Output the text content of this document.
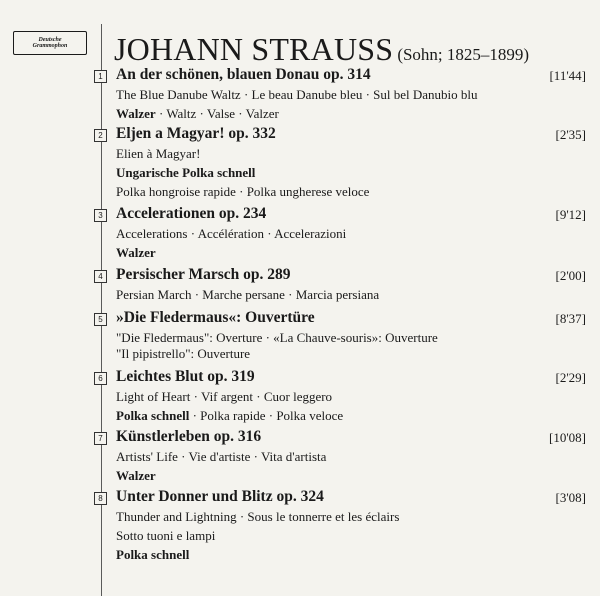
Deutsche
Grammophon JOHANN STRAUSS (Sohn; 1825–1899)
1 An der schönen, blauen Donau op. 314	[11'44]
The Blue Danube Waltz · Le beau Danube bleu · Sul bel Danubio blu
Walzer · Waltz · Valse · Valzer
2 Eljen a Magyar! op. 332	[2'35]
Elien à Magyar!
Ungarische Polka schnell
Polka hongroise rapide · Polka ungherese veloce
3 Accelerationen op. 234	[9'12]
Accelerations · Accélération · Accelerazioni
Walzer
4 Persischer Marsch op. 289	[2'00]
Persian March · Marche persane · Marcia persiana
5 »Die Fledermaus«: Ouvertüre	[8'37]
"Die Fledermaus": Overture · «La Chauve-souris»: Ouverture
"Il pipistrello": Ouverture
6 Leichtes Blut op. 319	[2'29]
Light of Heart · Vif argent · Cuor leggero
Polka schnell · Polka rapide · Polka veloce
7 Künstlerleben op. 316	[10'08]
Artists' Life · Vie d'artiste · Vita d'artista
Walzer
8 Unter Donner und Blitz op. 324	[3'08]
Thunder and Lightning · Sous le tonnerre et les éclairs
Sotto tuoni e lampi
Polka schnell
